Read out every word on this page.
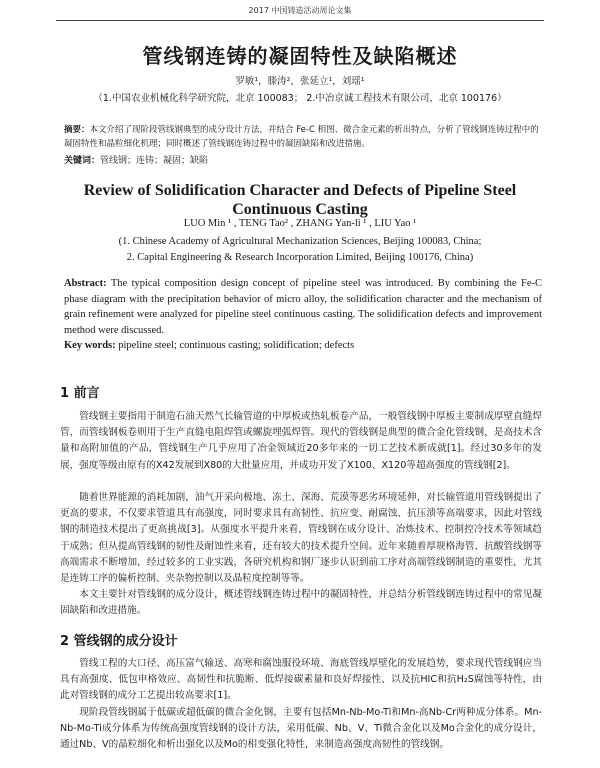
2017 中国铸造活动周论文集
管线钢连铸的凝固特性及缺陷概述
罗敏¹，滕涛²，张延立¹，刘瑶¹
（1.中国农业机械化科学研究院，北京 100083； 2.中冶京诚工程技术有限公司，北京 100176）
摘要：本文介绍了现阶段管线钢典型的成分设计方法，并结合 Fe-C 相图、微合金元素的析出特点，分析了管线钢连铸过程中的凝固特性和晶粒细化机理；同时概述了管线钢连铸过程中的凝固缺陷和改进措施。
关键词：管线钢；连铸；凝固；缺陷
Review of Solidification Character and Defects of Pipeline Steel Continuous Casting
LUO Min ¹ , TENG Tao² , ZHANG Yan-li ¹ , LIU Yao ¹
(1. Chinese Academy of Agricultural Mechanization Sciences, Beijing 100083, China;
2. Capital Engineering & Research Incorporation Limited, Beijing 100176, China)
Abstract: The typical composition design concept of pipeline steel was introduced. By combining the Fe-C phase diagram with the precipitation behavior of micro alloy, the solidification character and the mechanism of grain refinement were analyzed for pipeline steel continuous casting. The solidification defects and improvement method were discussed.
Key words: pipeline steel; continuous casting; solidification; defects
1 前言
管线钢主要指用于制造石油天然气长输管道的中厚板或热轧板卷产品，一般管线钢中厚板主要制成厚壁直缝焊管，而管线钢板卷则用于生产直缝电阻焊管或螺旋埋弧焊管。现代的管线钢是典型的微合金化管线钢，是高技术含量和高附加值的产品，管线钢生产几乎应用了冶金领域近20多年来的一切工艺技术新成就[1]。经过30多年的发展，强度等级由原有的X42发展到X80的大批量应用，并成功开发了X100、X120等超高强度的管线钢[2]。
随着世界能源的消耗加剧，油气开采向极地、冻土、深海、荒漠等恶劣环境延伸，对长输管道用管线钢提出了更高的要求，不仅要求管道具有高强度，同时要求具有高韧性、抗应变、耐腐蚀、抗压溃等高端要求，因此对管线钢的制造技术提出了更高挑战[3]。从强度水平提升来看，管线钢在成分设计、冶炼技术、控制控冷技术等领域趋于成熟；但从提高管线钢的韧性及耐蚀性来看，还有较大的技术提升空间。近年来随着厚规格海管、抗酸管线钢等高端需求不断增加，经过较多的工业实践，各研究机构和钢厂逐步认识到前工序对高端管线钢制造的重要性，尤其是连铸工序的偏析控制、夹杂物控制以及晶粒度控制等等。
本文主要针对管线钢的成分设计，概述管线钢连铸过程中的凝固特性，并总结分析管线钢连铸过程中的常见凝固缺陷和改进措施。
2 管线钢的成分设计
管线工程的大口径、高压富气输送、高寒和腐蚀服役环境、海底管线厚壁化的发展趋势，要求现代管线钢应当具有高强度、低包申格效应、高韧性和抗脆断、低焊接碳素量和良好焊接性、以及抗HIC和抗H₂S腐蚀等特性，由此对管线钢的成分工艺提出较高要求[1]。
现阶段管线钢属于低碳或超低碳的微合金化钢，主要有包括Mn-Nb-Mo-Ti和Mn-高Nb-Cr两种成分体系。Mn-Nb-Mo-Ti成分体系为传统高强度管线钢的设计方法，采用低碳、Nb、V、Ti微合金化以及Mo合金化的成分设计，通过Nb、V的晶粒细化和析出强化以及Mo的相变强化特性，来制造高强度高韧性的管线钢。
